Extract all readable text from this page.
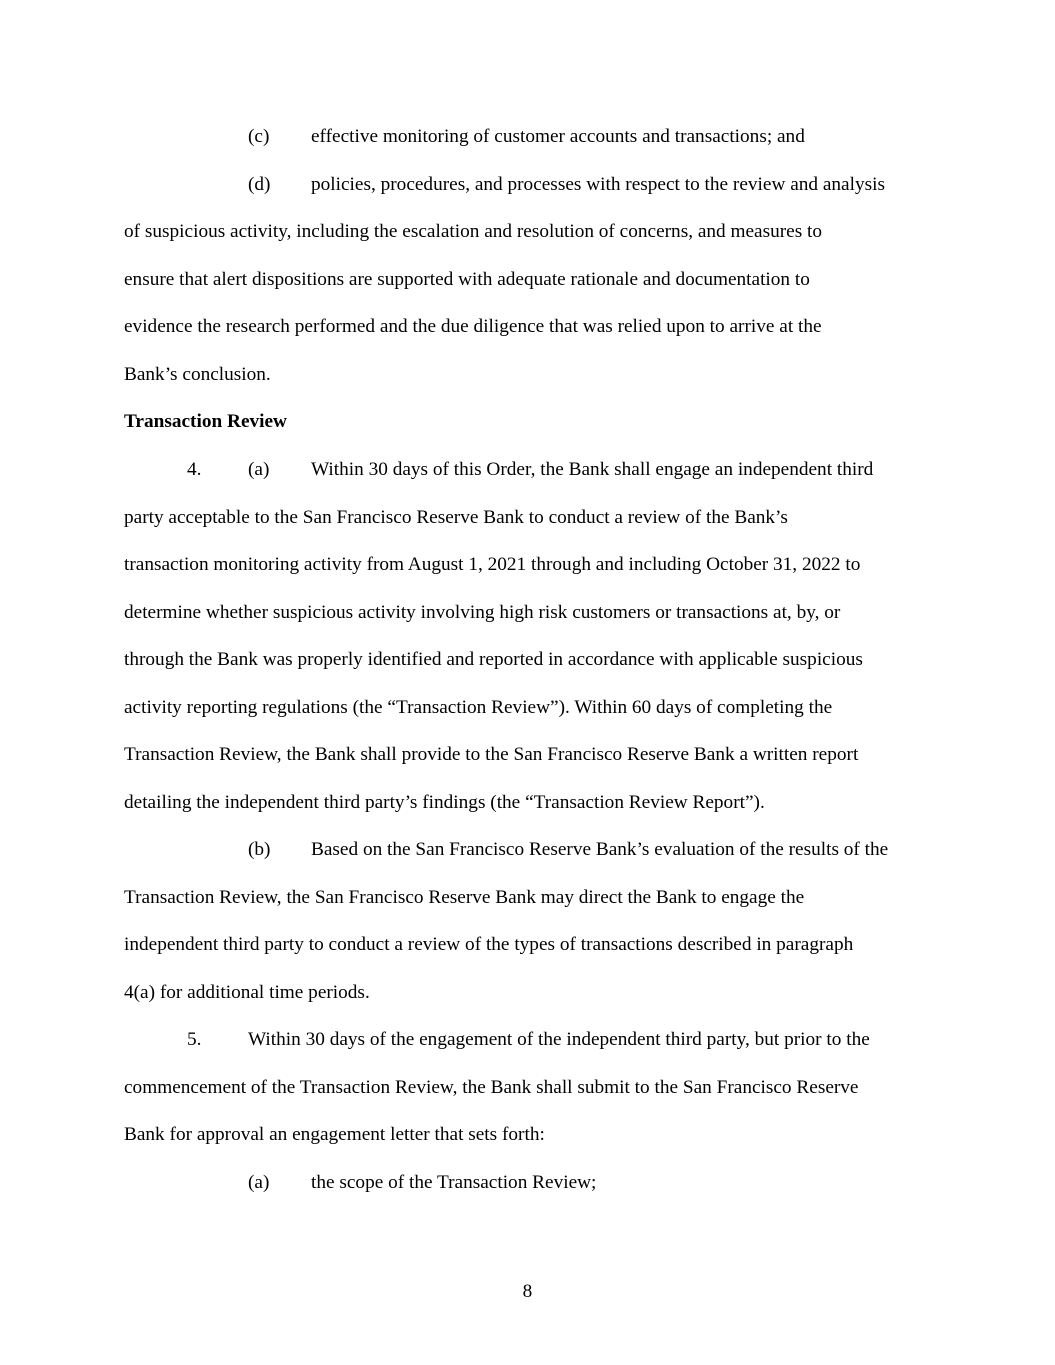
(c) effective monitoring of customer accounts and transactions; and
(d) policies, procedures, and processes with respect to the review and analysis
of suspicious activity, including the escalation and resolution of concerns, and measures to
ensure that alert dispositions are supported with adequate rationale and documentation to
evidence the research performed and the due diligence that was relied upon to arrive at the
Bank’s conclusion.
Transaction Review
4. (a) Within 30 days of this Order, the Bank shall engage an independent third
party acceptable to the San Francisco Reserve Bank to conduct a review of the Bank’s
transaction monitoring activity from August 1, 2021 through and including October 31, 2022 to
determine whether suspicious activity involving high risk customers or transactions at, by, or
through the Bank was properly identified and reported in accordance with applicable suspicious
activity reporting regulations (the “Transaction Review”). Within 60 days of completing the
Transaction Review, the Bank shall provide to the San Francisco Reserve Bank a written report
detailing the independent third party’s findings (the “Transaction Review Report”).
(b) Based on the San Francisco Reserve Bank’s evaluation of the results of the
Transaction Review, the San Francisco Reserve Bank may direct the Bank to engage the
independent third party to conduct a review of the types of transactions described in paragraph
4(a) for additional time periods.
5. Within 30 days of the engagement of the independent third party, but prior to the
commencement of the Transaction Review, the Bank shall submit to the San Francisco Reserve
Bank for approval an engagement letter that sets forth:
(a) the scope of the Transaction Review;
8
